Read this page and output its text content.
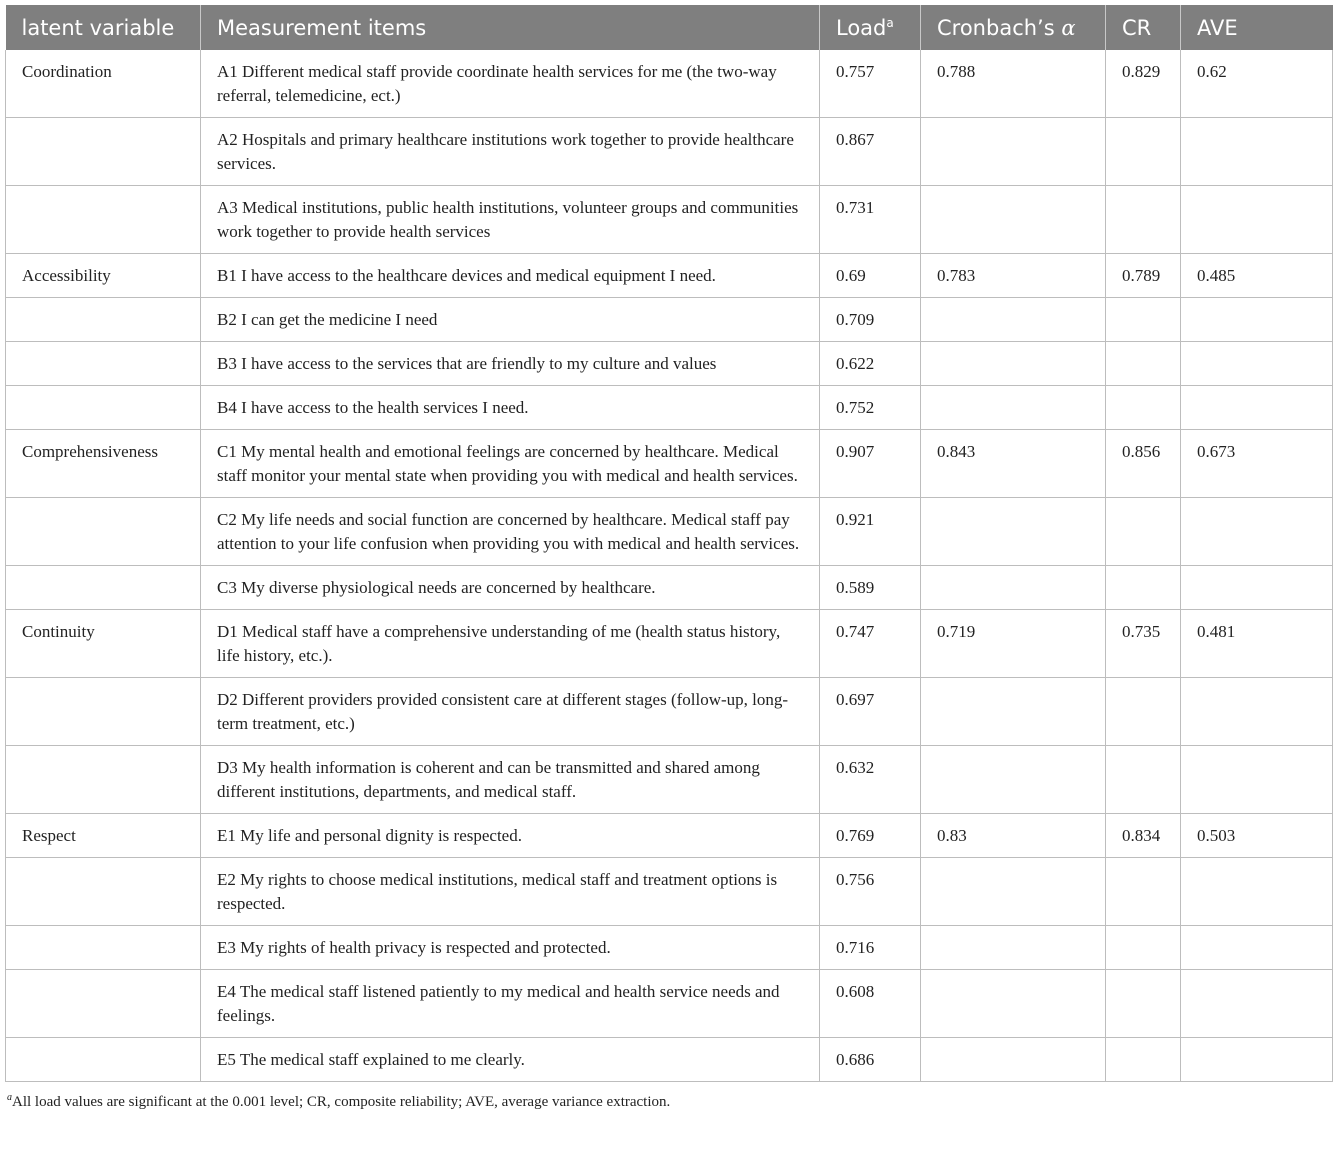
latent variable	Measurement items	Load$^a$	Cronbach’s α	CR	AVE
Coordination	A1 Different medical staff provide coordinate health services for me (the two-way referral, telemedicine, ect.)	0.757	0.788	0.829	0.62
	A2 Hospitals and primary healthcare institutions work together to provide healthcare services.	0.867			
	A3 Medical institutions, public health institutions, volunteer groups and communities work together to provide health services	0.731			
Accessibility	B1 I have access to the healthcare devices and medical equipment I need.	0.69	0.783	0.789	0.485
	B2 I can get the medicine I need	0.709			
	B3 I have access to the services that are friendly to my culture and values	0.622			
	B4 I have access to the health services I need.	0.752			
Comprehensiveness	C1 My mental health and emotional feelings are concerned by healthcare. Medical staff monitor your mental state when providing you with medical and health services.	0.907	0.843	0.856	0.673
	C2 My life needs and social function are concerned by healthcare. Medical staff pay attention to your life confusion when providing you with medical and health services.	0.921			
	C3 My diverse physiological needs are concerned by healthcare.	0.589			
Continuity	D1 Medical staff have a comprehensive understanding of me (health status history, life history, etc.).	0.747	0.719	0.735	0.481
	D2 Different providers provided consistent care at different stages (follow-up, long-term treatment, etc.)	0.697			
	D3 My health information is coherent and can be transmitted and shared among different institutions, departments, and medical staff.	0.632			
Respect	E1 My life and personal dignity is respected.	0.769	0.83	0.834	0.503
	E2 My rights to choose medical institutions, medical staff and treatment options is respected.	0.756			
	E3 My rights of health privacy is respected and protected.	0.716			
	E4 The medical staff listened patiently to my medical and health service needs and feelings.	0.608			
	E5 The medical staff explained to me clearly.	0.686			
$^a$All load values are significant at the 0.001 level; CR, composite reliability; AVE, average variance extraction.
